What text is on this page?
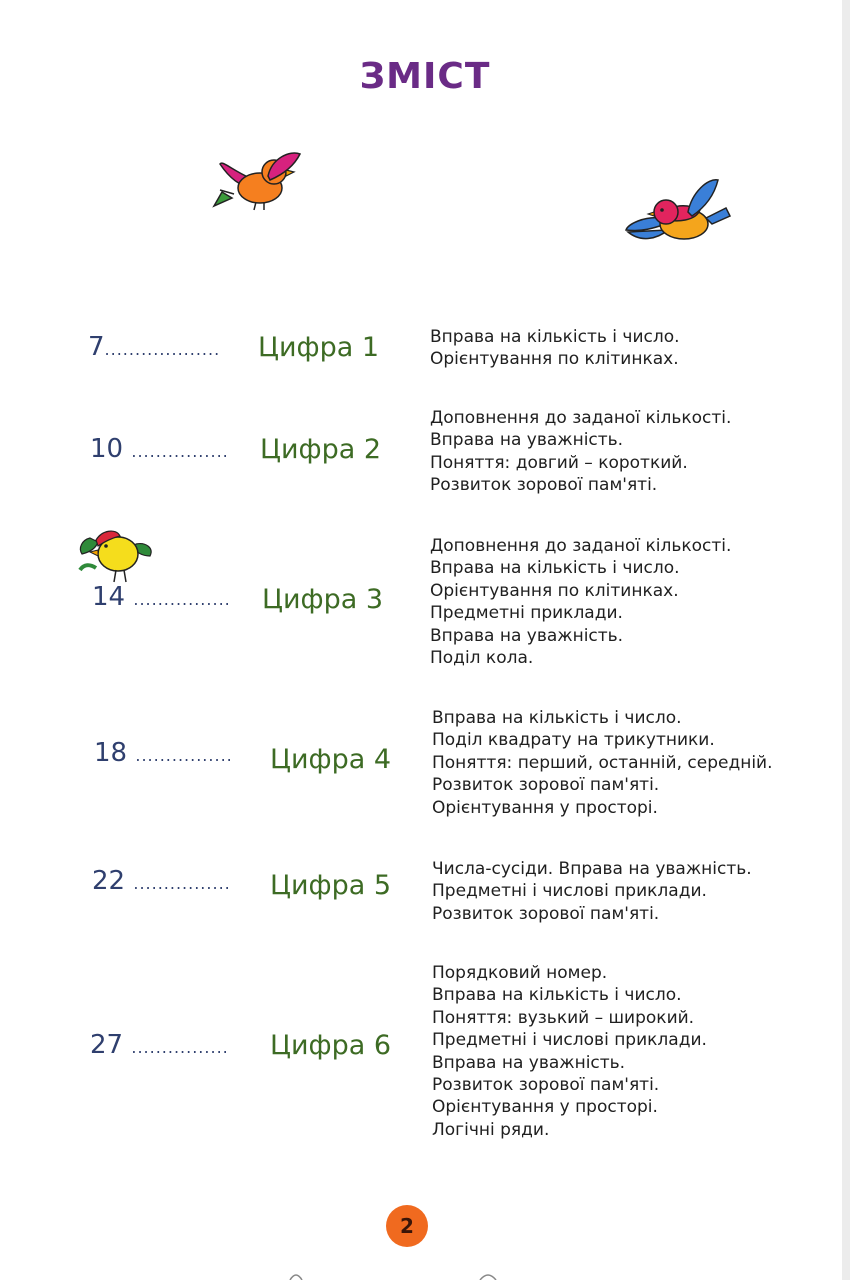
ЗМІСТ
7................... Цифра 1	Вправа на кількість і число.
Орієнтування по клітинках.
10 ................ Цифра 2
Доповнення до заданої кількості.
Вправа на уважність.
Поняття: довгий – короткий.
Розвиток зорової пам'яті.
14 ................ Цифра 3
Доповнення до заданої кількості.
Вправа на кількість і число.
Орієнтування по клітинках.
Предметні приклади.
Вправа на уважність.
Поділ кола.
18 ................ Цифра 4
Вправа на кількість і число.
Поділ квадрату на трикутники.
Поняття: перший, останній, середній.
Розвиток зорової пам'яті.
Орієнтування у просторі.
22 ................ Цифра 5
Числа-сусіди. Вправа на уважність.
Предметні і числові приклади.
Розвиток зорової пам'яті.
27 ................ Цифра 6
Порядковий номер.
Вправа на кількість і число.
Поняття: вузький – широкий.
Предметні і числові приклади.
Вправа на уважність.
Розвиток зорової пам'яті.
Орієнтування у просторі.
Логічні ряди.
2
